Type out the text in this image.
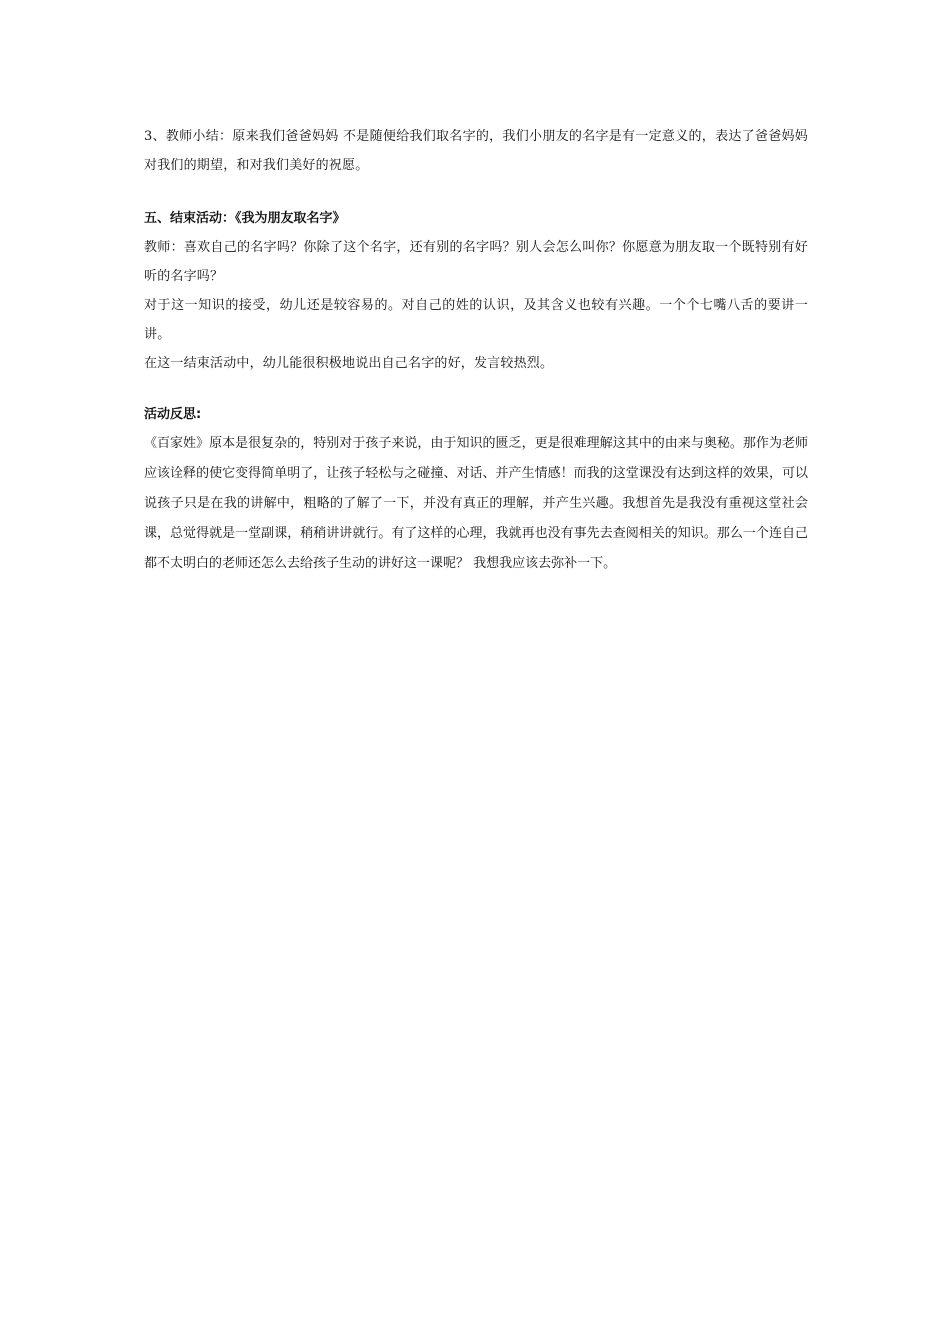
3、教师小结：原来我们爸爸妈妈 不是随便给我们取名字的，我们小朋友的名字是有一定意义的，表达了爸爸妈妈对我们的期望，和对我们美好的祝愿。

五、结束活动：《我为朋友取名字》

教师：喜欢自己的名字吗？你除了这个名字，还有别的名字吗？别人会怎么叫你？你愿意为朋友取一个既特别有好听的名字吗？

对于这一知识的接受，幼儿还是较容易的。对自己的姓的认识，及其含义也较有兴趣。一个个七嘴八舌的要讲一讲。

在这一结束活动中，幼儿能很积极地说出自己名字的好，发言较热烈。

活动反思:

《百家姓》原本是很复杂的，特别对于孩子来说，由于知识的匮乏，更是很难理解这其中的由来与奥秘。那作为老师应该诠释的使它变得简单明了，让孩子轻松与之碰撞、对话、并产生情感！而我的这堂课没有达到这样的效果，可以说孩子只是在我的讲解中，粗略的了解了一下，并没有真正的理解，并产生兴趣。我想首先是我没有重视这堂社会课，总觉得就是一堂副课，稍稍讲讲就行。有了这样的心理，我就再也没有事先去查阅相关的知识。那么一个连自己都不太明白的老师还怎么去给孩子生动的讲好这一课呢？ 我想我应该去弥补一下。
